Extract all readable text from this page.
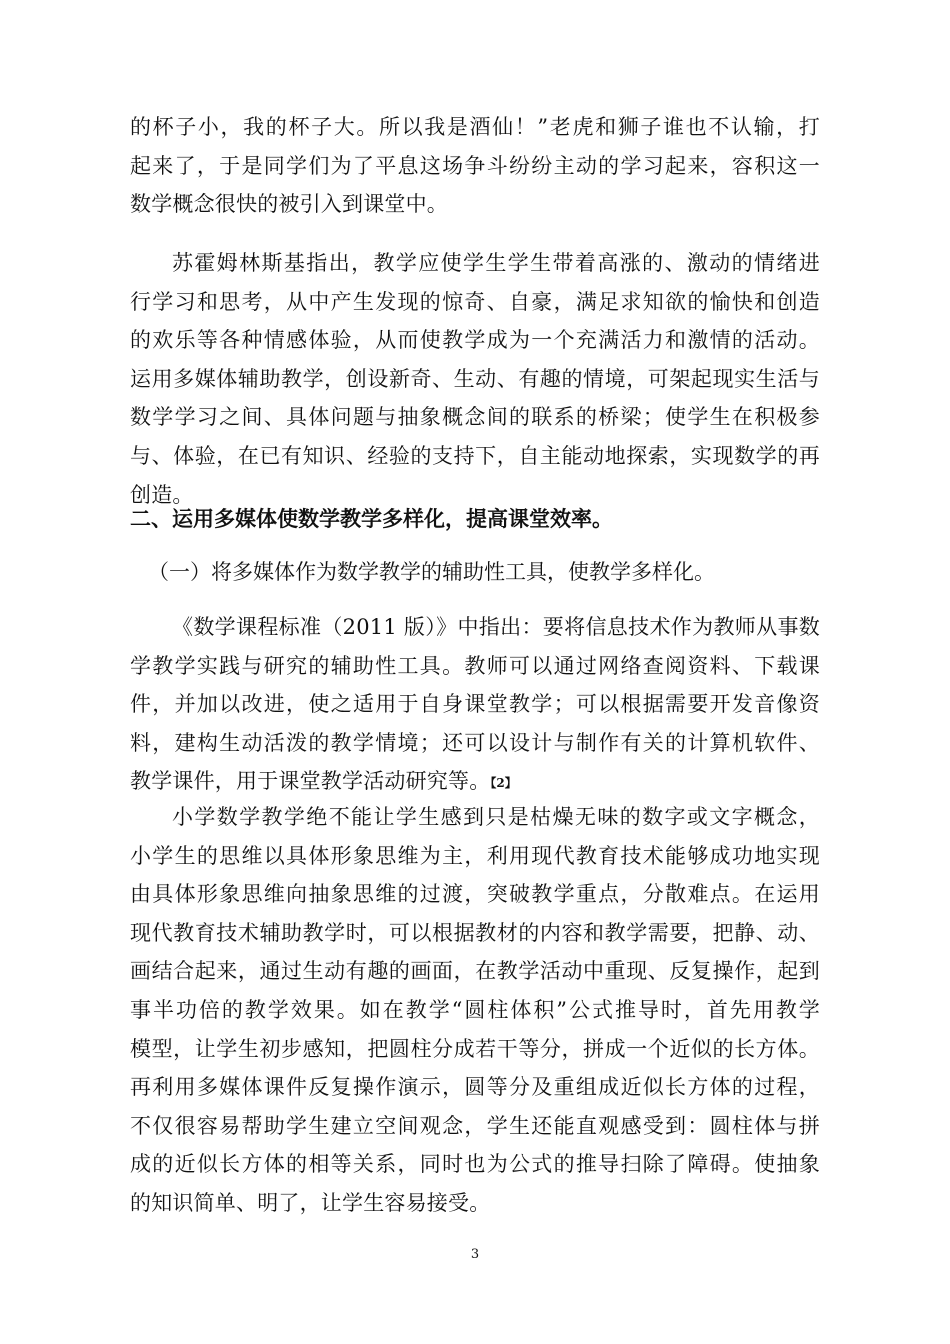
的杯子小，我的杯子大。所以我是酒仙！”老虎和狮子谁也不认输，打
起来了，于是同学们为了平息这场争斗纷纷主动的学习起来，容积这一
数学概念很快的被引入到课堂中。
苏霍姆林斯基指出，教学应使学生学生带着高涨的、激动的情绪进
行学习和思考，从中产生发现的惊奇、自豪，满足求知欲的愉快和创造
的欢乐等各种情感体验，从而使教学成为一个充满活力和激情的活动。
运用多媒体辅助教学，创设新奇、生动、有趣的情境，可架起现实生活与
数学学习之间、具体问题与抽象概念间的联系的桥梁；使学生在积极参
与、体验，在已有知识、经验的支持下，自主能动地探索，实现数学的再
创造。
二、运用多媒体使数学教学多样化，提高课堂效率。
（一）将多媒体作为数学教学的辅助性工具，使教学多样化。
《数学课程标准（2011 版）》中指出：要将信息技术作为教师从事数
学教学实践与研究的辅助性工具。教师可以通过网络查阅资料、下载课
件，并加以改进，使之适用于自身课堂教学；可以根据需要开发音像资
料，建构生动活泼的教学情境；还可以设计与制作有关的计算机软件、
教学课件，用于课堂教学活动研究等。【2】
小学数学教学绝不能让学生感到只是枯燥无味的数字或文字概念，
小学生的思维以具体形象思维为主，利用现代教育技术能够成功地实现
由具体形象思维向抽象思维的过渡，突破教学重点，分散难点。在运用
现代教育技术辅助教学时，可以根据教材的内容和教学需要，把静、动、
画结合起来，通过生动有趣的画面，在教学活动中重现、反复操作，起到
事半功倍的教学效果。如在教学“圆柱体积”公式推导时，首先用教学
模型，让学生初步感知，把圆柱分成若干等分，拼成一个近似的长方体。
再利用多媒体课件反复操作演示，圆等分及重组成近似长方体的过程，
不仅很容易帮助学生建立空间观念，学生还能直观感受到：圆柱体与拼
成的近似长方体的相等关系，同时也为公式的推导扫除了障碍。使抽象
的知识简单、明了，让学生容易接受。
3
